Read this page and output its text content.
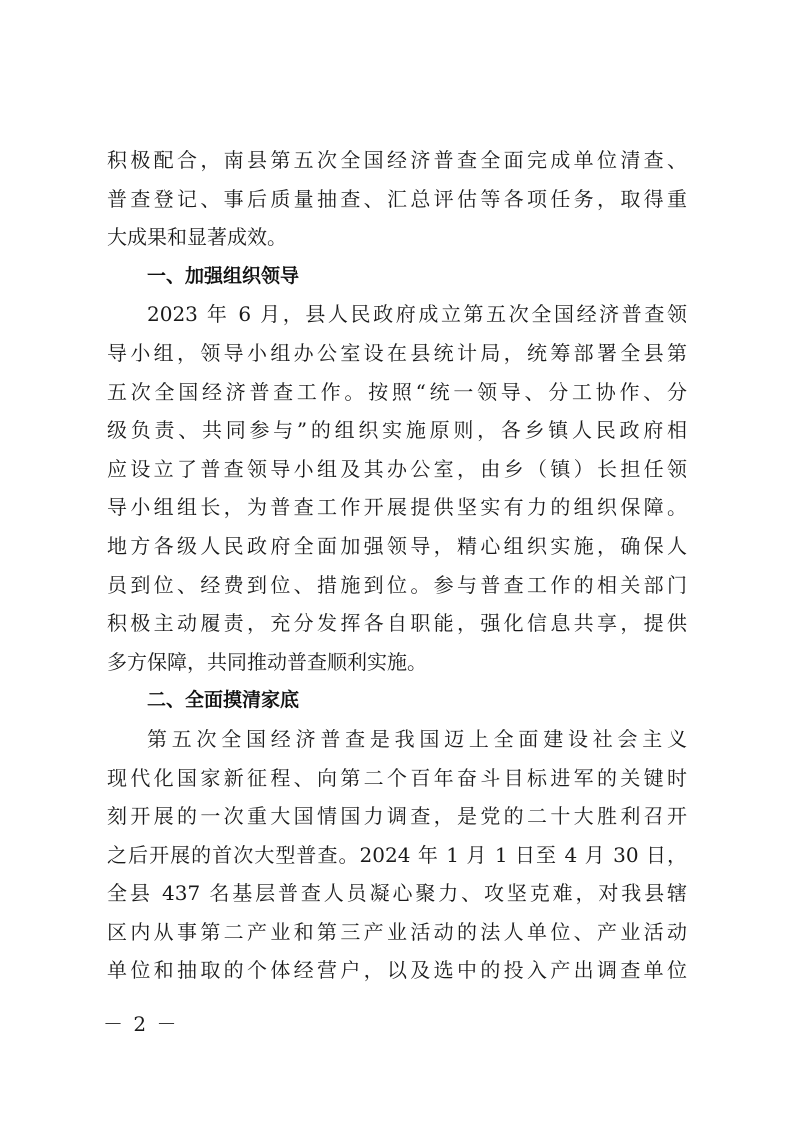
积极配合，南县第五次全国经济普查全面完成单位清查、
普查登记、事后质量抽查、汇总评估等各项任务，取得重
大成果和显著成效。
一、加强组织领导
2023 年 6 月，县人民政府成立第五次全国经济普查领
导小组，领导小组办公室设在县统计局，统筹部署全县第
五次全国经济普查工作。按照“统一领导、分工协作、分
级负责、共同参与”的组织实施原则，各乡镇人民政府相
应设立了普查领导小组及其办公室，由乡（镇）长担任领
导小组组长，为普查工作开展提供坚实有力的组织保障。
地方各级人民政府全面加强领导，精心组织实施，确保人
员到位、经费到位、措施到位。参与普查工作的相关部门
积极主动履责，充分发挥各自职能，强化信息共享，提供
多方保障，共同推动普查顺利实施。
二、全面摸清家底
第五次全国经济普查是我国迈上全面建设社会主义
现代化国家新征程、向第二个百年奋斗目标进军的关键时
刻开展的一次重大国情国力调查，是党的二十大胜利召开
之后开展的首次大型普查。2024 年 1 月 1 日至 4 月 30 日，
全县 437 名基层普查人员凝心聚力、攻坚克难，对我县辖
区内从事第二产业和第三产业活动的法人单位、产业活动
单位和抽取的个体经营户，以及选中的投入产出调查单位
－ 2 －
